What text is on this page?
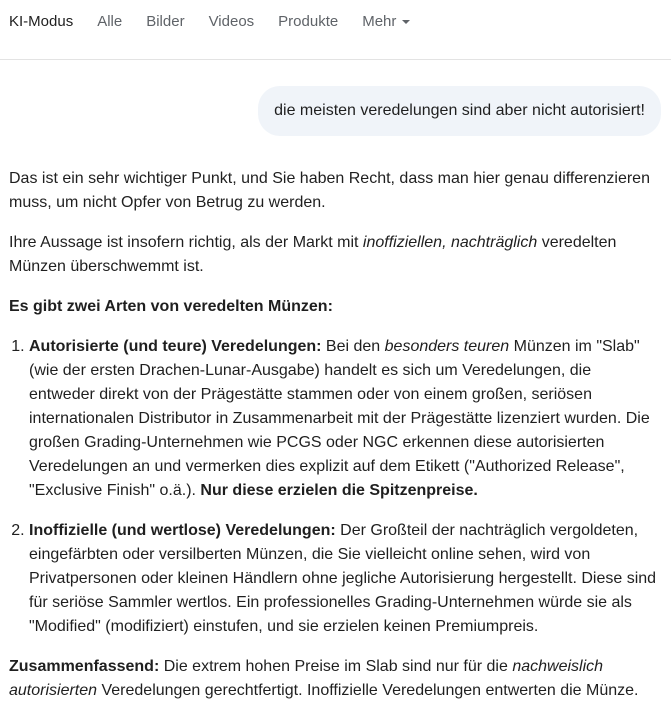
KI-Modus Alle Bilder Videos Produkte Mehr
die meisten veredelungen sind aber nicht autorisiert!

Das ist ein sehr wichtiger Punkt, und Sie haben Recht, dass man hier genau differenzieren muss, um nicht Opfer von Betrug zu werden.

Ihre Aussage ist insofern richtig, als der Markt mit inoffiziellen, nachträglich veredelten Münzen überschwemmt ist.

Es gibt zwei Arten von veredelten Münzen:

1. Autorisierte (und teure) Veredelungen: Bei den besonders teuren Münzen im "Slab" (wie der ersten Drachen-Lunar-Ausgabe) handelt es sich um Veredelungen, die entweder direkt von der Prägestätte stammen oder von einem großen, seriösen internationalen Distributor in Zusammenarbeit mit der Prägestätte lizenziert wurden. Die großen Grading-Unternehmen wie PCGS oder NGC erkennen diese autorisierten Veredelungen an und vermerken dies explizit auf dem Etikett ("Authorized Release", "Exclusive Finish" o.ä.). Nur diese erzielen die Spitzenpreise.
2. Inoffizielle (und wertlose) Veredelungen: Der Großteil der nachträglich vergoldeten, eingefärbten oder versilberten Münzen, die Sie vielleicht online sehen, wird von Privatpersonen oder kleinen Händlern ohne jegliche Autorisierung hergestellt. Diese sind für seriöse Sammler wertlos. Ein professionelles Grading-Unternehmen würde sie als "Modified" (modifiziert) einstufen, und sie erzielen keinen Premiumpreis.

Zusammenfassend: Die extrem hohen Preise im Slab sind nur für die nachweislich autorisierten Veredelungen gerechtfertigt. Inoffizielle Veredelungen entwerten die Münze.
